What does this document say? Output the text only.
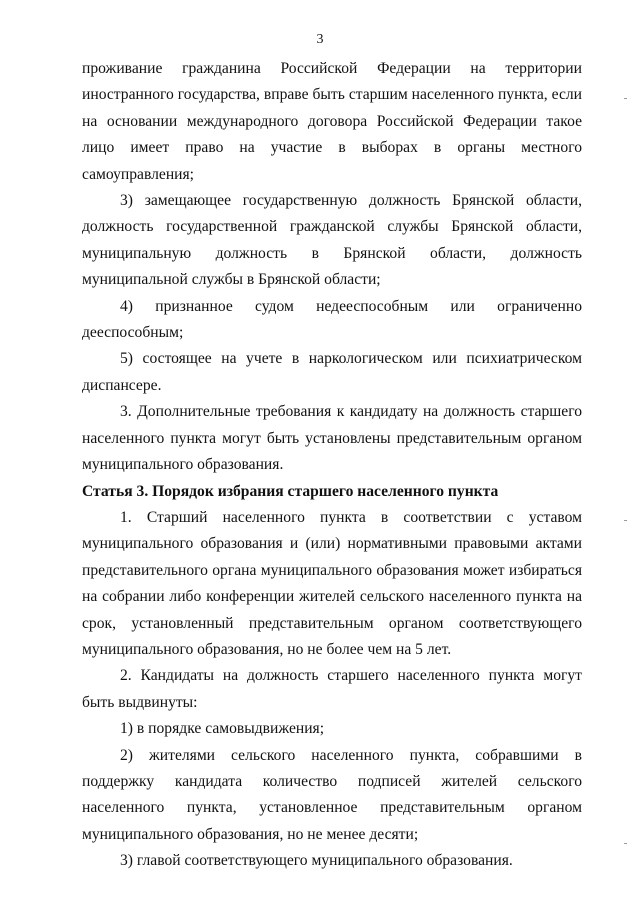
3

проживание гражданина Российской Федерации на территории иностранного государства, вправе быть старшим населенного пункта, если на основании международного договора Российской Федерации такое лицо имеет право на участие в выборах в органы местного самоуправления;

3) замещающее государственную должность Брянской области, должность государственной гражданской службы Брянской области, муниципальную должность в Брянской области, должность муниципальной службы в Брянской области;

4) признанное судом недееспособным или ограниченно дееспособным;

5) состоящее на учете в наркологическом или психиатрическом диспансере.

3. Дополнительные требования к кандидату на должность старшего населенного пункта могут быть установлены представительным органом муниципального образования.

Статья 3. Порядок избрания старшего населенного пункта

1. Старший населенного пункта в соответствии с уставом муниципального образования и (или) нормативными правовыми актами представительного органа муниципального образования может избираться на собрании либо конференции жителей сельского населенного пункта на срок, установленный представительным органом соответствующего муниципального образования, но не более чем на 5 лет.

2. Кандидаты на должность старшего населенного пункта могут быть выдвинуты:

1) в порядке самовыдвижения;

2) жителями сельского населенного пункта, собравшими в поддержку кандидата количество подписей жителей сельского населенного пункта, установленное представительным органом муниципального образования, но не менее десяти;

3) главой соответствующего муниципального образования.
